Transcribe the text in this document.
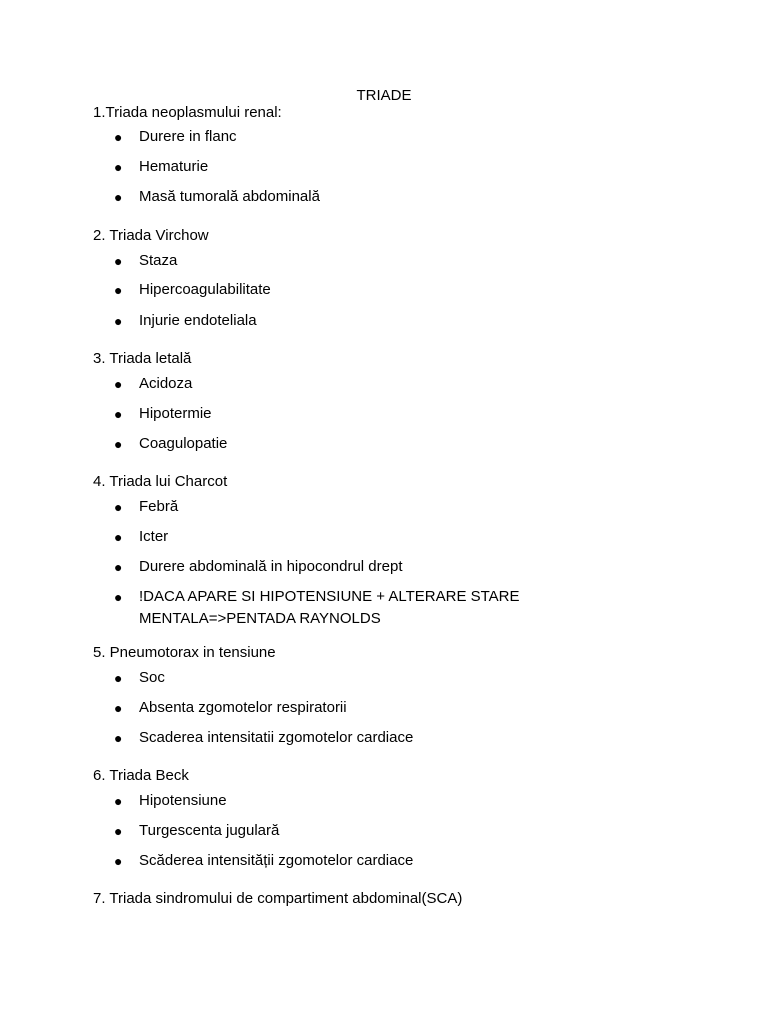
TRIADE
1.Triada neoplasmului renal:
●	Durere in flanc
●	Hematurie
●	Masă tumorală abdominală
2. Triada Virchow
●	Staza
●	Hipercoagulabilitate
●	Injurie endoteliala
3. Triada letală
●	Acidoza
●	Hipotermie
●	Coagulopatie
4. Triada lui Charcot
●	Febră
●	Icter
●	Durere abdominală in hipocondrul drept
●	!DACA APARE SI HIPOTENSIUNE + ALTERARE STARE MENTALA=>PENTADA RAYNOLDS
5. Pneumotorax in tensiune
●	Soc
●	Absenta zgomotelor respiratorii
●	Scaderea intensitatii zgomotelor cardiace
6. Triada Beck
●	Hipotensiune
●	Turgescenta jugulară
●	Scăderea intensității zgomotelor cardiace
7. Triada sindromului de compartiment abdominal(SCA)
